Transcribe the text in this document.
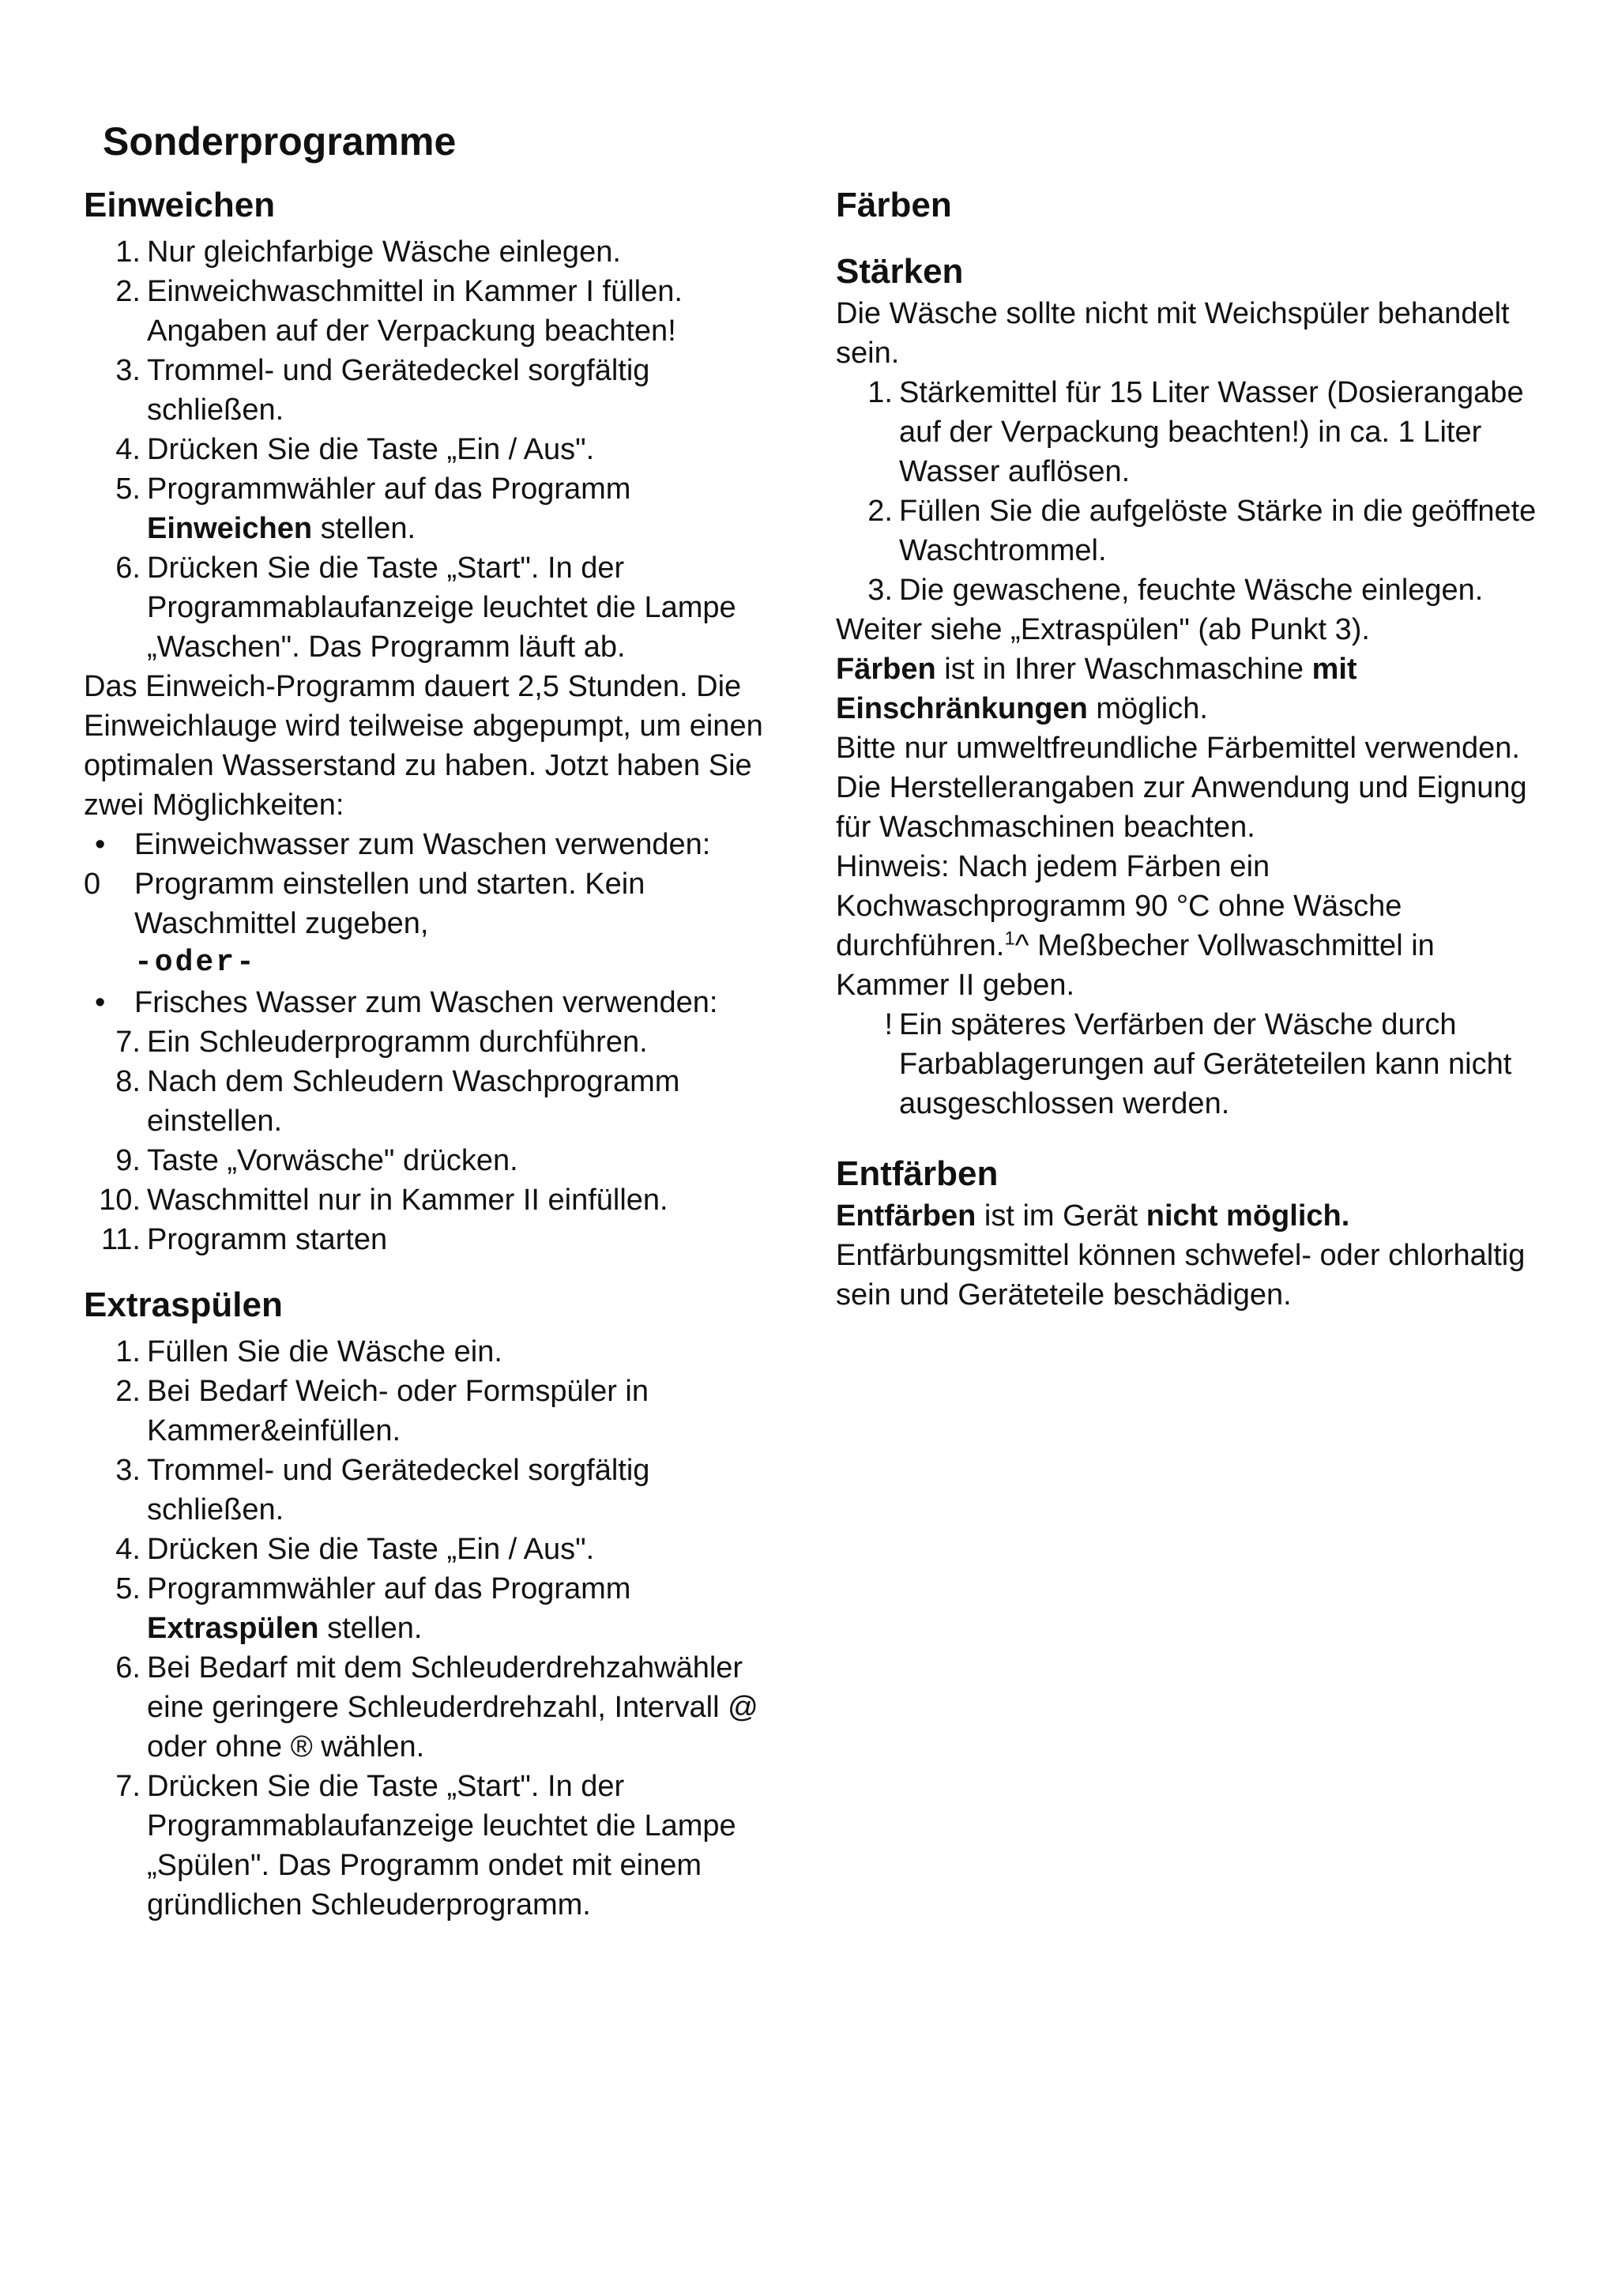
Sonderprogramme
Einweichen
1. Nur gleichfarbige Wäsche einlegen.
2. Einweichwaschmittel in Kammer I füllen. Angaben auf der Verpackung beachten!
3. Trommel- und Gerätedeckel sorgfältig schließen.
4. Drücken Sie die Taste „Ein / Aus".
5. Programmwähler auf das Programm Einweichen stellen.
6. Drücken Sie die Taste „Start". In der Programmablaufanzeige leuchtet die Lampe „Waschen". Das Programm läuft ab.
Das Einweich-Programm dauert 2,5 Stunden. Die Einweichlauge wird teilweise abgepumpt, um einen optimalen Wasserstand zu haben. Jotzt haben Sie zwei Möglichkeiten:
• Einweichwasser zum Waschen verwenden:
0	Programm einstellen und starten. Kein Waschmittel zugeben,
-oder-
• Frisches Wasser zum Waschen verwenden:
7. Ein Schleuderprogramm durchführen.
8. Nach dem Schleudern Waschprogramm einstellen.
9. Taste „Vorwäsche" drücken.
10. Waschmittel nur in Kammer II einfüllen.
11. Programm starten
Extraspülen
1. Füllen Sie die Wäsche ein.
2. Bei Bedarf Weich- oder Formspüler in Kammer&einfüllen.
3. Trommel- und Gerätedeckel sorgfältig schließen.
4. Drücken Sie die Taste „Ein / Aus".
5. Programmwähler auf das Programm Extraspülen stellen.
6. Bei Bedarf mit dem Schleuderdrehzahwähler eine geringere Schleuderdrehzahl, Intervall @ oder ohne ® wählen.
7. Drücken Sie die Taste „Start". In der Programmablaufanzeige leuchtet die Lampe „Spülen". Das Programm ondet mit einem gründlichen Schleuderprogramm.
Färben
Stärken
Die Wäsche sollte nicht mit Weichspüler behandelt sein.
1. Stärkemittel für 15 Liter Wasser (Dosierangabe auf der Verpackung beachten!) in ca. 1 Liter Wasser auflösen.
2. Füllen Sie die aufgelöste Stärke in die geöffnete Waschtrommel.
3. Die gewaschene, feuchte Wäsche einlegen.
Weiter siehe „Extraspülen" (ab Punkt 3).
Färben ist in Ihrer Waschmaschine mit Einschränkungen möglich.
Bitte nur umweltfreundliche Färbemittel verwenden. Die Herstellerangaben zur Anwendung und Eignung für Waschmaschinen beachten.
Hinweis: Nach jedem Färben ein Kochwaschprogramm 90 °C ohne Wäsche durchführen.$^1$^ Meßbecher Vollwaschmittel in Kammer II geben.
! Ein späteres Verfärben der Wäsche durch Farbablagerungen auf Geräteteilen kann nicht ausgeschlossen werden.
Entfärben
Entfärben ist im Gerät nicht möglich. Entfärbungsmittel können schwefel- oder chlorhaltig sein und Geräteteile beschädigen.
